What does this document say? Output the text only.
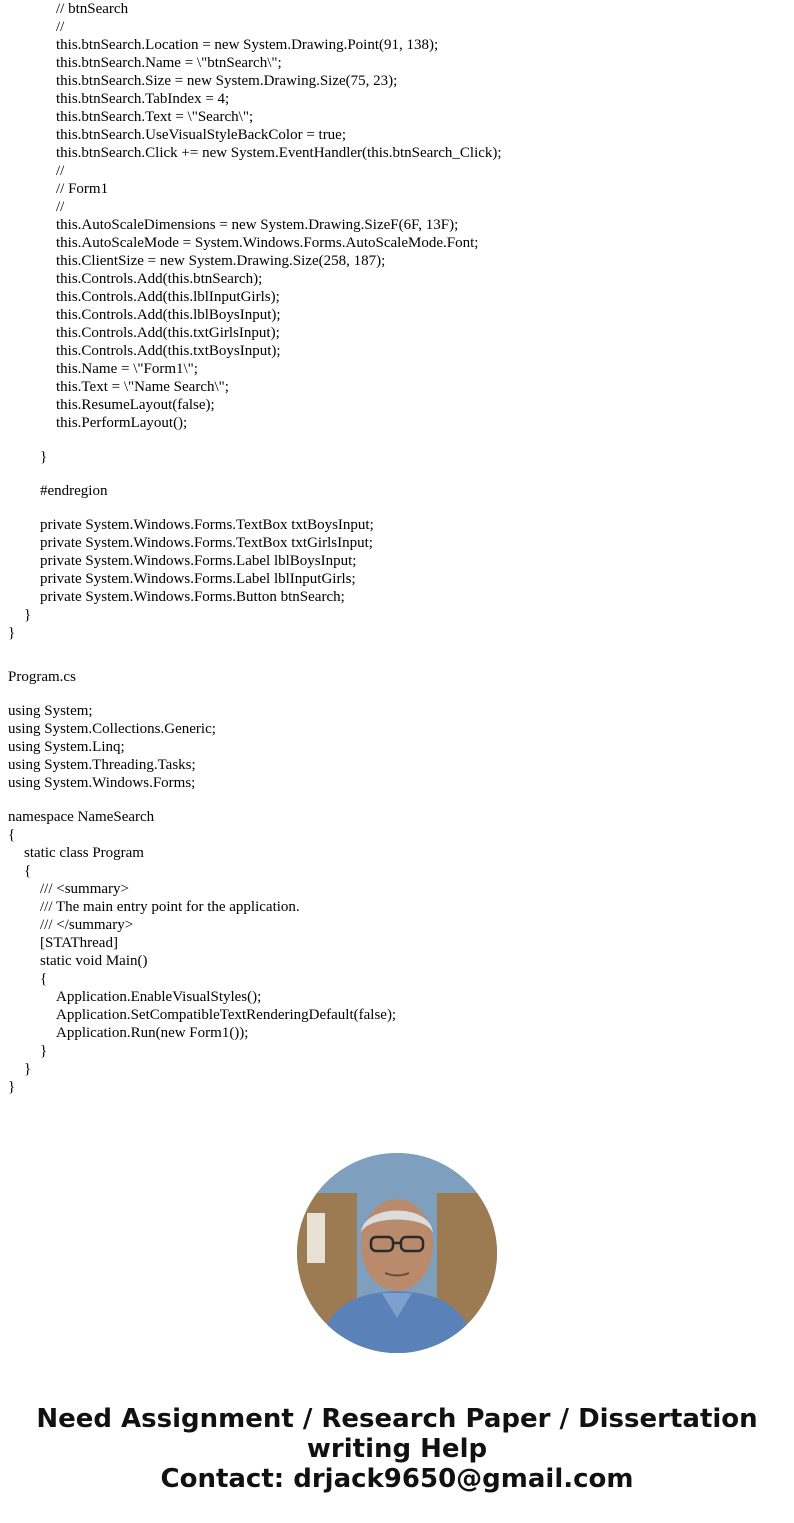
// btnSearch
//
this.btnSearch.Location = new System.Drawing.Point(91, 138);
this.btnSearch.Name = \"btnSearch\";
this.btnSearch.Size = new System.Drawing.Size(75, 23);
this.btnSearch.TabIndex = 4;
this.btnSearch.Text = \"Search\";
this.btnSearch.UseVisualStyleBackColor = true;
this.btnSearch.Click += new System.EventHandler(this.btnSearch_Click);
//
// Form1
//
this.AutoScaleDimensions = new System.Drawing.SizeF(6F, 13F);
this.AutoScaleMode = System.Windows.Forms.AutoScaleMode.Font;
this.ClientSize = new System.Drawing.Size(258, 187);
this.Controls.Add(this.btnSearch);
this.Controls.Add(this.lblInputGirls);
this.Controls.Add(this.lblBoysInput);
this.Controls.Add(this.txtGirlsInput);
this.Controls.Add(this.txtBoysInput);
this.Name = \"Form1\";
this.Text = \"Name Search\";
this.ResumeLayout(false);
this.PerformLayout();
}
#endregion
private System.Windows.Forms.TextBox txtBoysInput;
private System.Windows.Forms.TextBox txtGirlsInput;
private System.Windows.Forms.Label lblBoysInput;
private System.Windows.Forms.Label lblInputGirls;
private System.Windows.Forms.Button btnSearch;
}
}
Program.cs
using System;
using System.Collections.Generic;
using System.Linq;
using System.Threading.Tasks;
using System.Windows.Forms;
namespace NameSearch
{
static class Program
{
/// <summary>
/// The main entry point for the application.
/// </summary>
[STAThread]
static void Main()
{
Application.EnableVisualStyles();
Application.SetCompatibleTextRenderingDefault(false);
Application.Run(new Form1());
}
}
}
Need Assignment / Research Paper / Dissertation
writing Help
Contact: drjack9650@gmail.com
